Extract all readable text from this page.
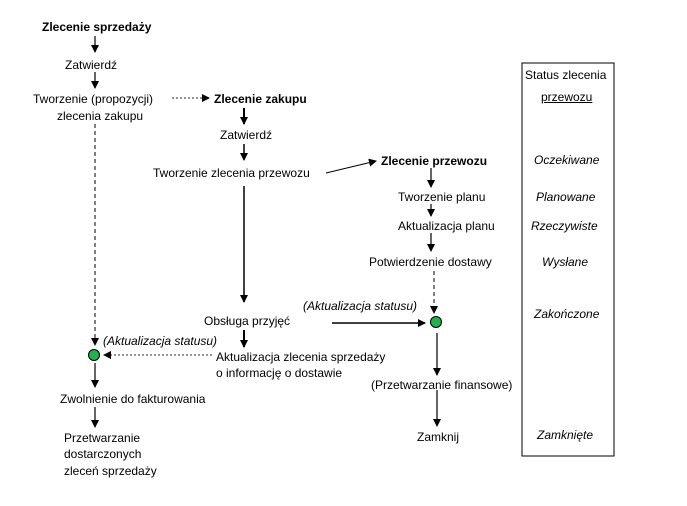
Zlecenie sprzedaży
Zatwierdź
Tworzenie (propozycji)
zlecenia zakupu
(Aktualizacja statusu)
Zwolnienie do fakturowania
Przetwarzanie
dostarczonych
zleceń sprzedaży
Zlecenie zakupu
Zatwierdź
Tworzenie zlecenia przewozu
Obsługa przyjęć
Aktualizacja zlecenia sprzedaży
o informację o dostawie
Zlecenie przewozu
Tworzenie planu
Aktualizacja planu
Potwierdzenie dostawy
(Aktualizacja statusu)
(Przetwarzanie finansowe)
Zamknij
Status zlecenia
przewozu
Oczekiwane
Planowane
Rzeczywiste
Wysłane
Zakończone
Zamknięte
